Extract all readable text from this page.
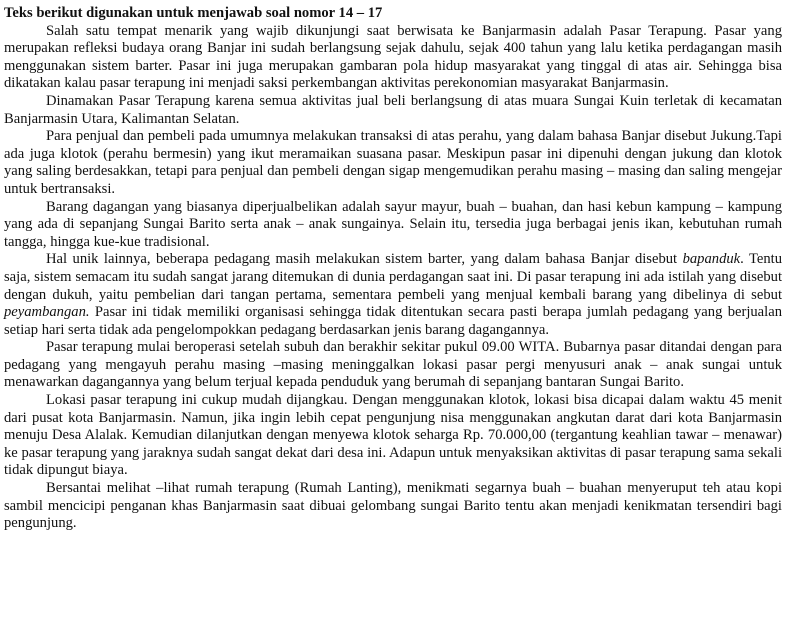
Teks berikut digunakan untuk menjawab soal nomor 14 – 17

Salah satu tempat menarik yang wajib dikunjungi saat berwisata ke Banjarmasin adalah Pasar Terapung. Pasar yang merupakan refleksi budaya orang Banjar ini sudah berlangsung sejak dahulu, sejak 400 tahun yang lalu ketika perdagangan masih menggunakan sistem barter. Pasar ini juga merupakan gambaran pola hidup masyarakat yang tinggal di atas air. Sehingga bisa dikatakan kalau pasar terapung ini menjadi saksi perkembangan aktivitas perekonomian masyarakat Banjarmasin.

Dinamakan Pasar Terapung karena semua aktivitas jual beli berlangsung di atas muara Sungai Kuin terletak di kecamatan Banjarmasin Utara, Kalimantan Selatan.

Para penjual dan pembeli pada umumnya melakukan transaksi di atas perahu, yang dalam bahasa Banjar disebut Jukung.Tapi ada juga klotok (perahu bermesin) yang ikut meramaikan suasana pasar. Meskipun pasar ini dipenuhi dengan jukung dan klotok yang saling berdesakkan, tetapi para penjual dan pembeli dengan sigap mengemudikan perahu masing – masing dan saling mengejar untuk bertransaksi.

Barang dagangan yang biasanya diperjualbelikan adalah sayur mayur, buah – buahan, dan hasi kebun kampung – kampung yang ada di sepanjang Sungai Barito serta anak – anak sungainya. Selain itu, tersedia juga berbagai jenis ikan, kebutuhan rumah tangga, hingga kue-kue tradisional.

Hal unik lainnya, beberapa pedagang masih melakukan sistem barter, yang dalam bahasa Banjar disebut bapanduk. Tentu saja, sistem semacam itu sudah sangat jarang ditemukan di dunia perdagangan saat ini. Di pasar terapung ini ada istilah yang disebut dengan dukuh, yaitu pembelian dari tangan pertama, sementara pembeli yang menjual kembali barang yang dibelinya di sebut peyambangan. Pasar ini tidak memiliki organisasi sehingga tidak ditentukan secara pasti berapa jumlah pedagang yang berjualan setiap hari serta tidak ada pengelompokkan pedagang berdasarkan jenis barang dagangannya.

Pasar terapung mulai beroperasi setelah subuh dan berakhir sekitar pukul 09.00 WITA. Bubarnya pasar ditandai dengan para pedagang yang mengayuh perahu masing –masing meninggalkan lokasi pasar pergi menyusuri anak – anak sungai untuk menawarkan dagangannya yang belum terjual kepada penduduk yang berumah di sepanjang bantaran Sungai Barito.

Lokasi pasar terapung ini cukup mudah dijangkau. Dengan menggunakan klotok, lokasi bisa dicapai dalam waktu 45 menit dari pusat kota Banjarmasin. Namun, jika ingin lebih cepat pengunjung nisa menggunakan angkutan darat dari kota Banjarmasin menuju Desa Alalak. Kemudian dilanjutkan dengan menyewa klotok seharga Rp. 70.000,00 (tergantung keahlian tawar – menawar) ke pasar terapung yang jaraknya sudah sangat dekat dari desa ini. Adapun untuk menyaksikan aktivitas di pasar terapung sama sekali tidak dipungut biaya.

Bersantai melihat –lihat rumah terapung (Rumah Lanting), menikmati segarnya buah – buahan menyeruput teh atau kopi sambil mencicipi penganan khas Banjarmasin saat dibuai gelombang sungai Barito tentu akan menjadi kenikmatan tersendiri bagi pengunjung.
